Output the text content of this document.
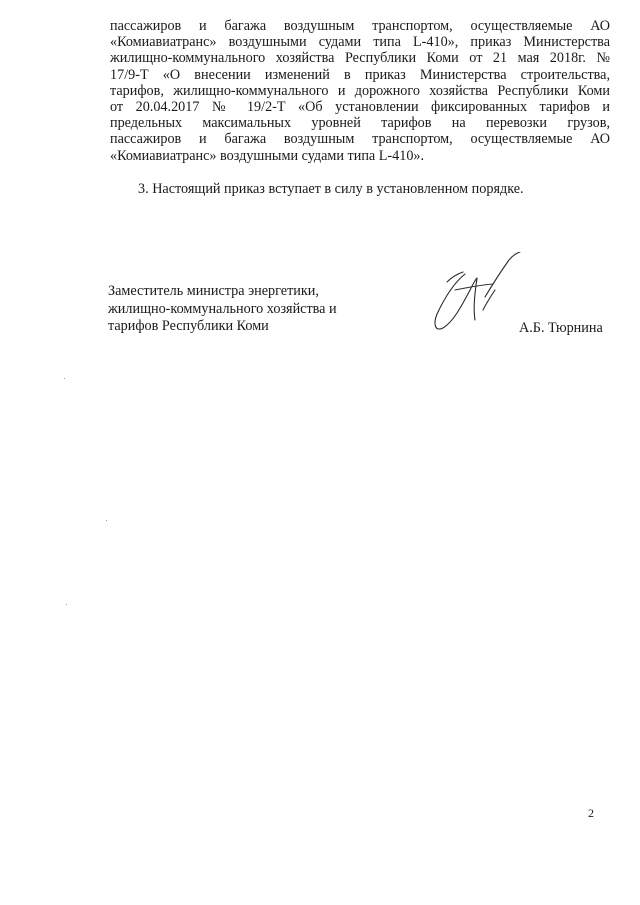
пассажиров и багажа воздушным транспортом, осуществляемые АО
«Комиавиатранс» воздушными судами типа L-410», приказ Министерства
жилищно-коммунального хозяйства Республики Коми от 21 мая 2018г. №
17/9-Т «О внесении изменений в приказ Министерства строительства,
тарифов, жилищно-коммунального и дорожного хозяйства Республики Коми
от 20.04.2017 № 19/2-Т «Об установлении фиксированных тарифов и
предельных максимальных уровней тарифов на перевозки грузов,
пассажиров и багажа воздушным транспортом, осуществляемые АО
«Комиавиатранс» воздушными судами типа L-410».
3. Настоящий приказ вступает в силу в установленном порядке.
Заместитель министра энергетики,
жилищно-коммунального хозяйства и
тарифов Республики Коми	А.Б. Тюрнина
2
